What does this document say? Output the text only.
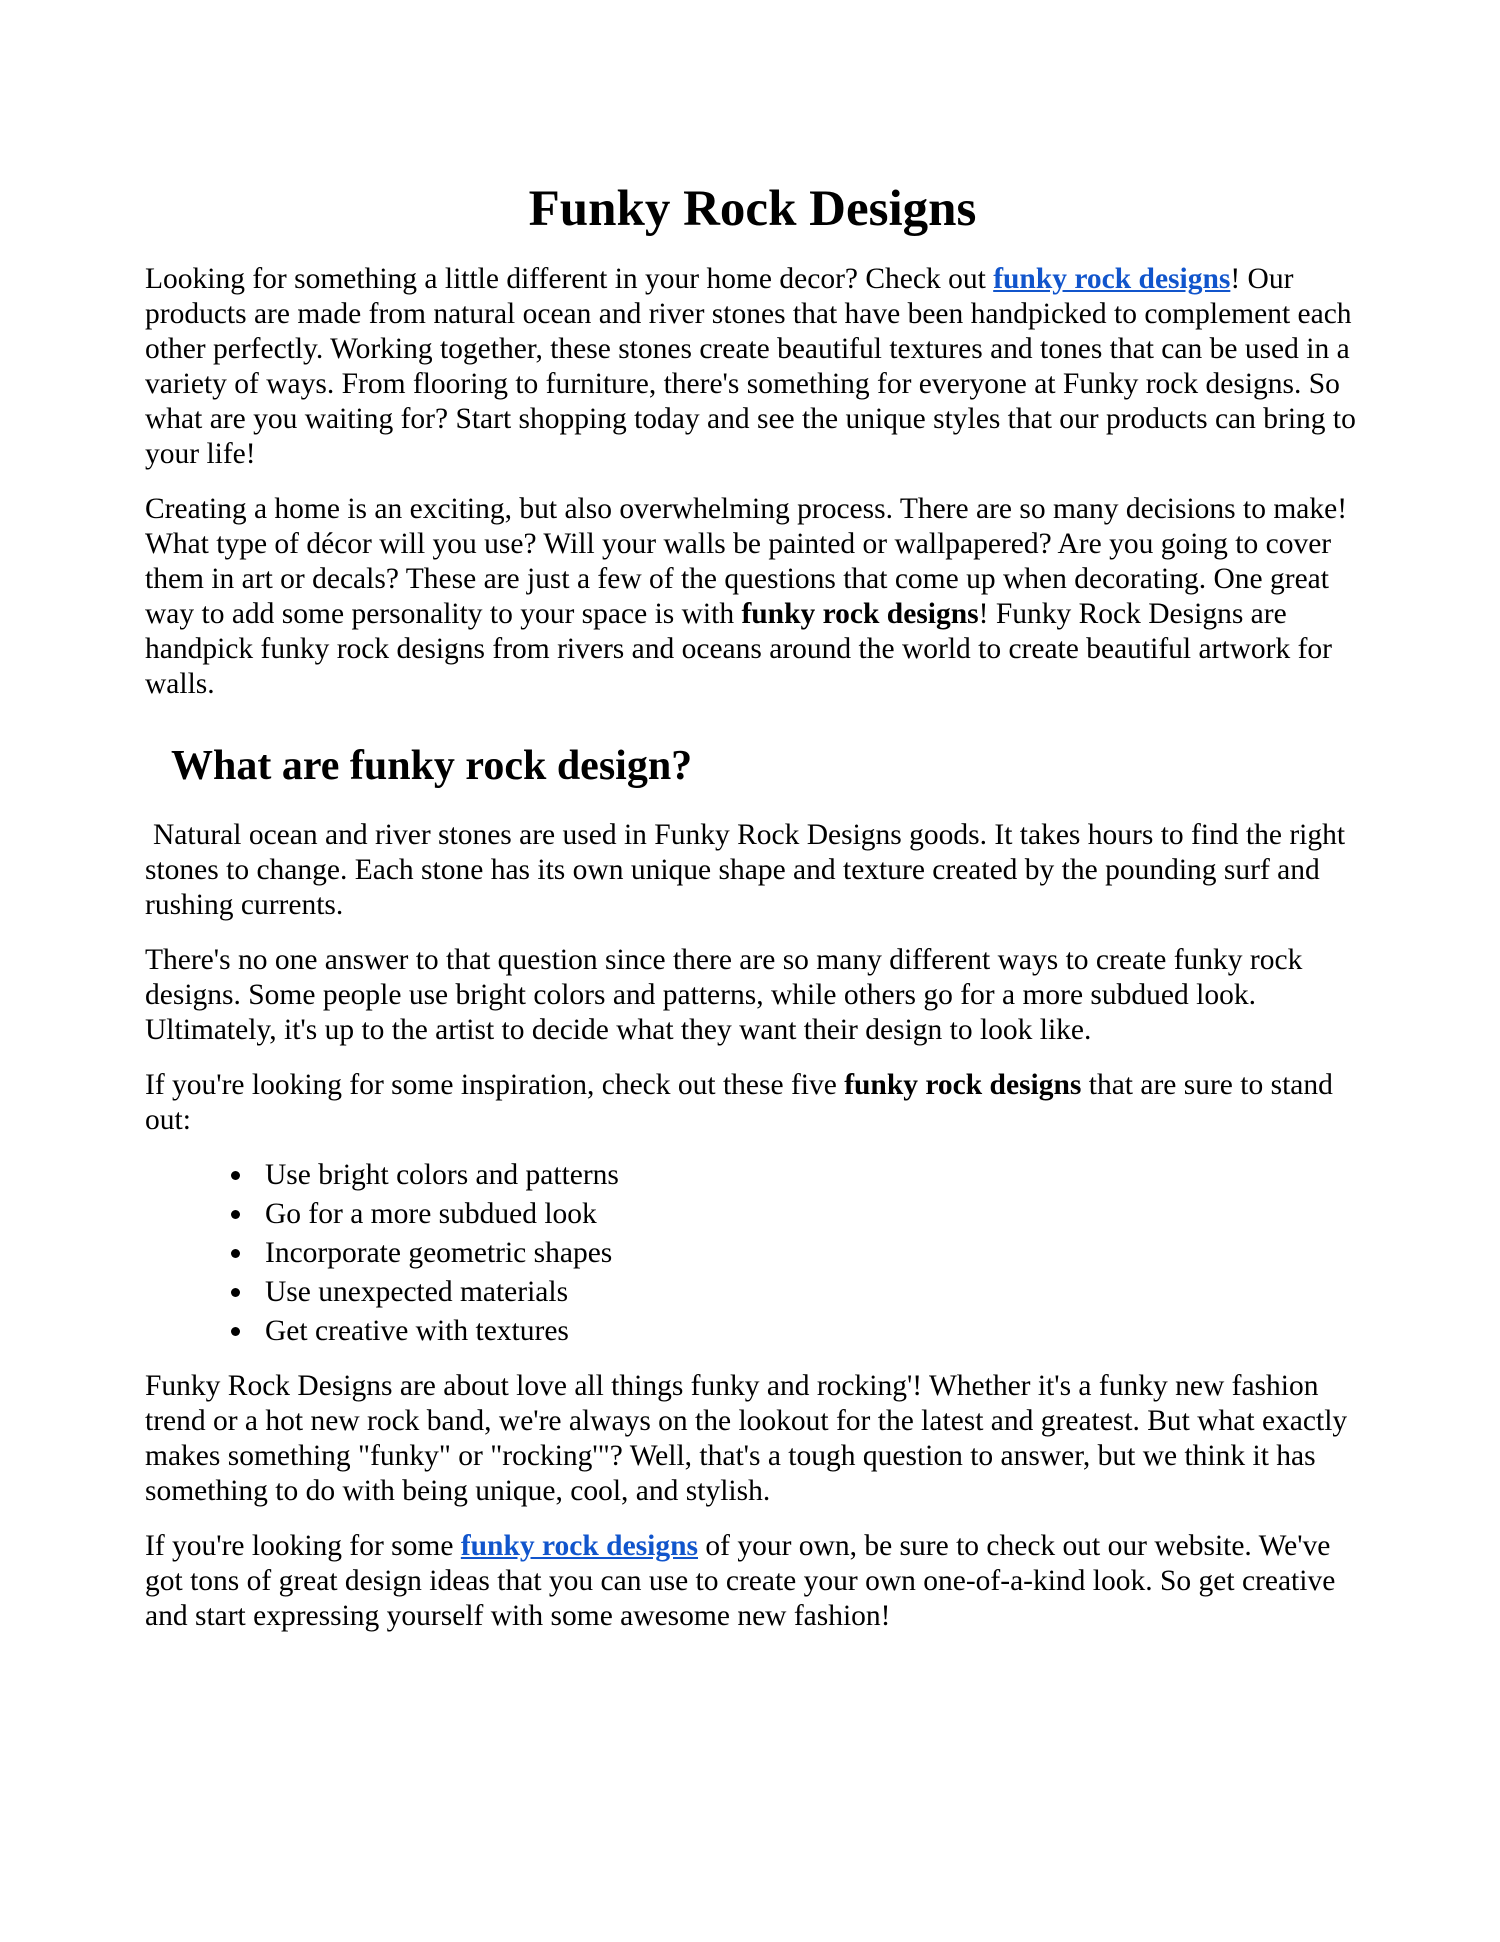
Funky Rock Designs

Looking for something a little different in your home decor? Check out funky rock designs! Our products are made from natural ocean and river stones that have been handpicked to complement each other perfectly. Working together, these stones create beautiful textures and tones that can be used in a variety of ways. From flooring to furniture, there's something for everyone at Funky rock designs. So what are you waiting for? Start shopping today and see the unique styles that our products can bring to your life!

Creating a home is an exciting, but also overwhelming process. There are so many decisions to make! What type of décor will you use? Will your walls be painted or wallpapered? Are you going to cover them in art or decals? These are just a few of the questions that come up when decorating. One great way to add some personality to your space is with funky rock designs! Funky Rock Designs are handpick funky rock designs from rivers and oceans around the world to create beautiful artwork for walls.

What are funky rock design?

Natural ocean and river stones are used in Funky Rock Designs goods. It takes hours to find the right stones to change. Each stone has its own unique shape and texture created by the pounding surf and rushing currents.

There's no one answer to that question since there are so many different ways to create funky rock designs. Some people use bright colors and patterns, while others go for a more subdued look. Ultimately, it's up to the artist to decide what they want their design to look like.

If you're looking for some inspiration, check out these five funky rock designs that are sure to stand out:

Use bright colors and patterns
Go for a more subdued look
Incorporate geometric shapes
Use unexpected materials
Get creative with textures

Funky Rock Designs are about love all things funky and rocking'! Whether it's a funky new fashion trend or a hot new rock band, we're always on the lookout for the latest and greatest. But what exactly makes something "funky" or "rocking'"? Well, that's a tough question to answer, but we think it has something to do with being unique, cool, and stylish.

If you're looking for some funky rock designs of your own, be sure to check out our website. We've got tons of great design ideas that you can use to create your own one-of-a-kind look. So get creative and start expressing yourself with some awesome new fashion!
